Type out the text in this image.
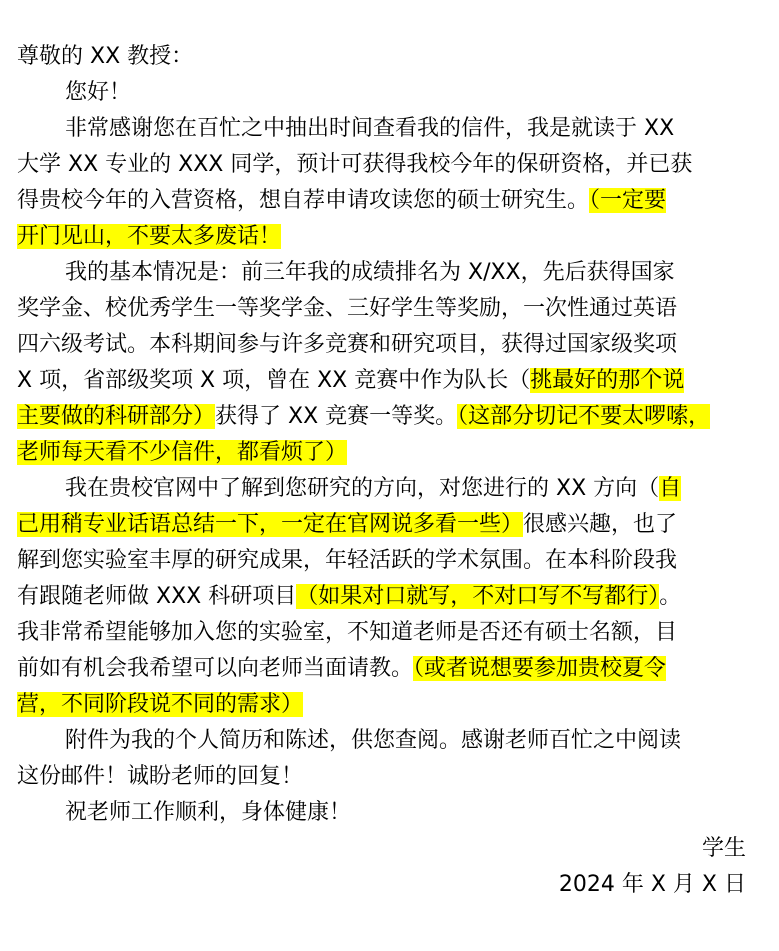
尊敬的 XX 教授：
您好！
非常感谢您在百忙之中抽出时间查看我的信件，我是就读于 XX
大学 XX 专业的 XXX 同学，预计可获得我校今年的保研资格，并已获
得贵校今年的入营资格，想自荐申请攻读您的硕士研究生。（一定要
开门见山，不要太多废话！
我的基本情况是：前三年我的成绩排名为 X/XX，先后获得国家
奖学金、校优秀学生一等奖学金、三好学生等奖励，一次性通过英语
四六级考试。本科期间参与许多竞赛和研究项目，获得过国家级奖项
X 项，省部级奖项 X 项，曾在 XX 竞赛中作为队长（挑最好的那个说
主要做的科研部分）获得了 XX 竞赛一等奖。（这部分切记不要太啰嗦，
老师每天看不少信件，都看烦了）
我在贵校官网中了解到您研究的方向，对您进行的 XX 方向（自
己用稍专业话语总结一下，一定在官网说多看一些）很感兴趣，也了
解到您实验室丰厚的研究成果，年轻活跃的学术氛围。在本科阶段我
有跟随老师做 XXX 科研项目（如果对口就写，不对口写不写都行）。
我非常希望能够加入您的实验室，不知道老师是否还有硕士名额，目
前如有机会我希望可以向老师当面请教。（或者说想要参加贵校夏令
营，不同阶段说不同的需求）
附件为我的个人简历和陈述，供您查阅。感谢老师百忙之中阅读
这份邮件！诚盼老师的回复！
祝老师工作顺利，身体健康！
学生
2024 年 X 月 X 日
